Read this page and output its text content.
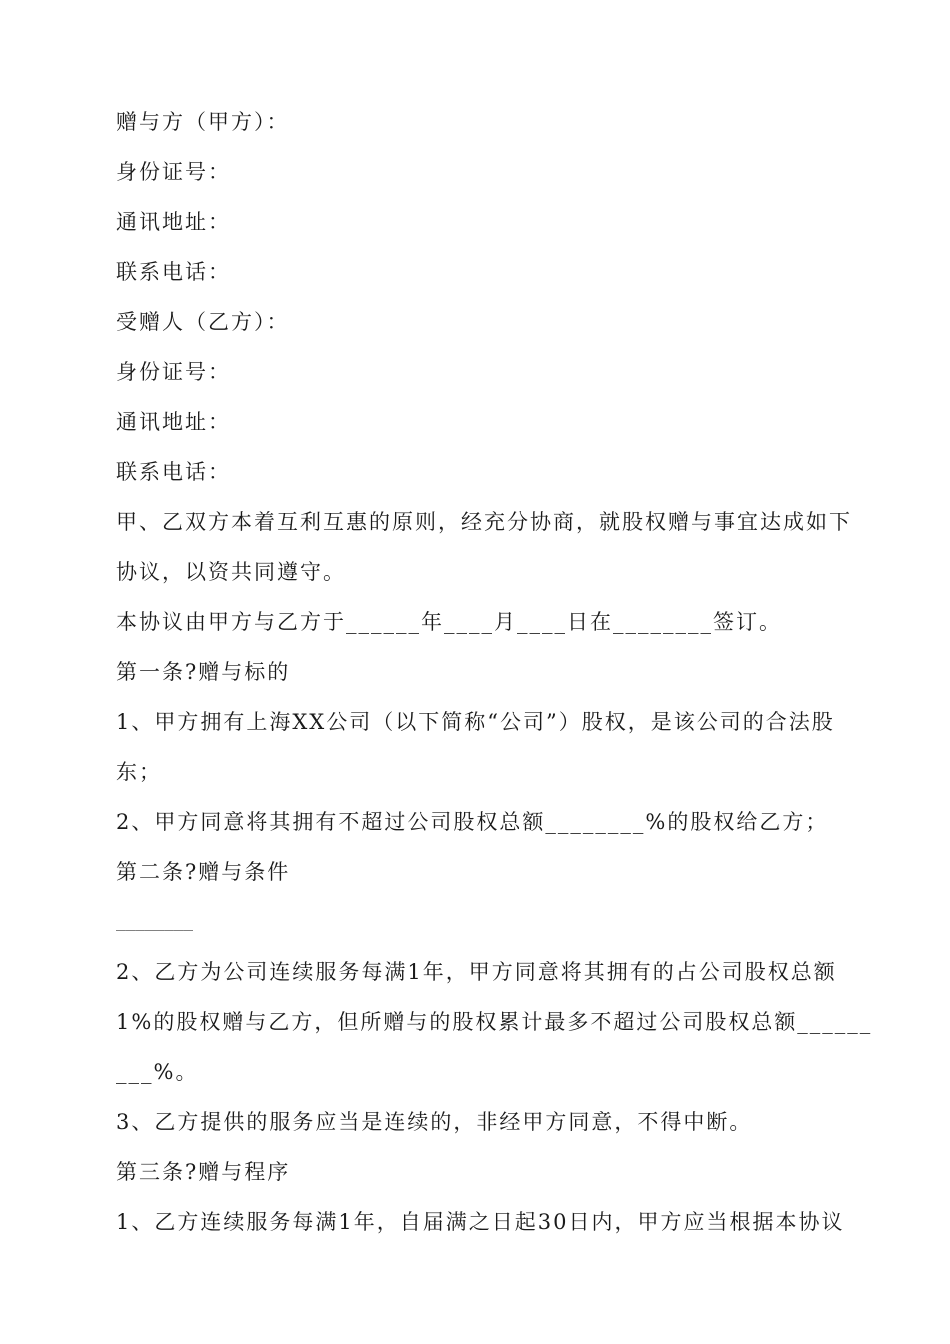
赠与方（甲方）：
身份证号：
通讯地址：
联系电话：
受赠人（乙方）：
身份证号：
通讯地址：
联系电话：
甲、乙双方本着互利互惠的原则，经充分协商，就股权赠与事宜达成如下
协议，以资共同遵守。
本协议由甲方与乙方于______年____月____日在________签订。
第一条?赠与标的
1、甲方拥有上海XX公司（以下简称“公司”）股权，是该公司的合法股
东；
2、甲方同意将其拥有不超过公司股权总额________%的股权给乙方；
第二条?赠与条件
________
2、乙方为公司连续服务每满1年，甲方同意将其拥有的占公司股权总额
1%的股权赠与乙方，但所赠与的股权累计最多不超过公司股权总额______
___%。
3、乙方提供的服务应当是连续的，非经甲方同意，不得中断。
第三条?赠与程序
1、乙方连续服务每满1年，自届满之日起30日内，甲方应当根据本协议
